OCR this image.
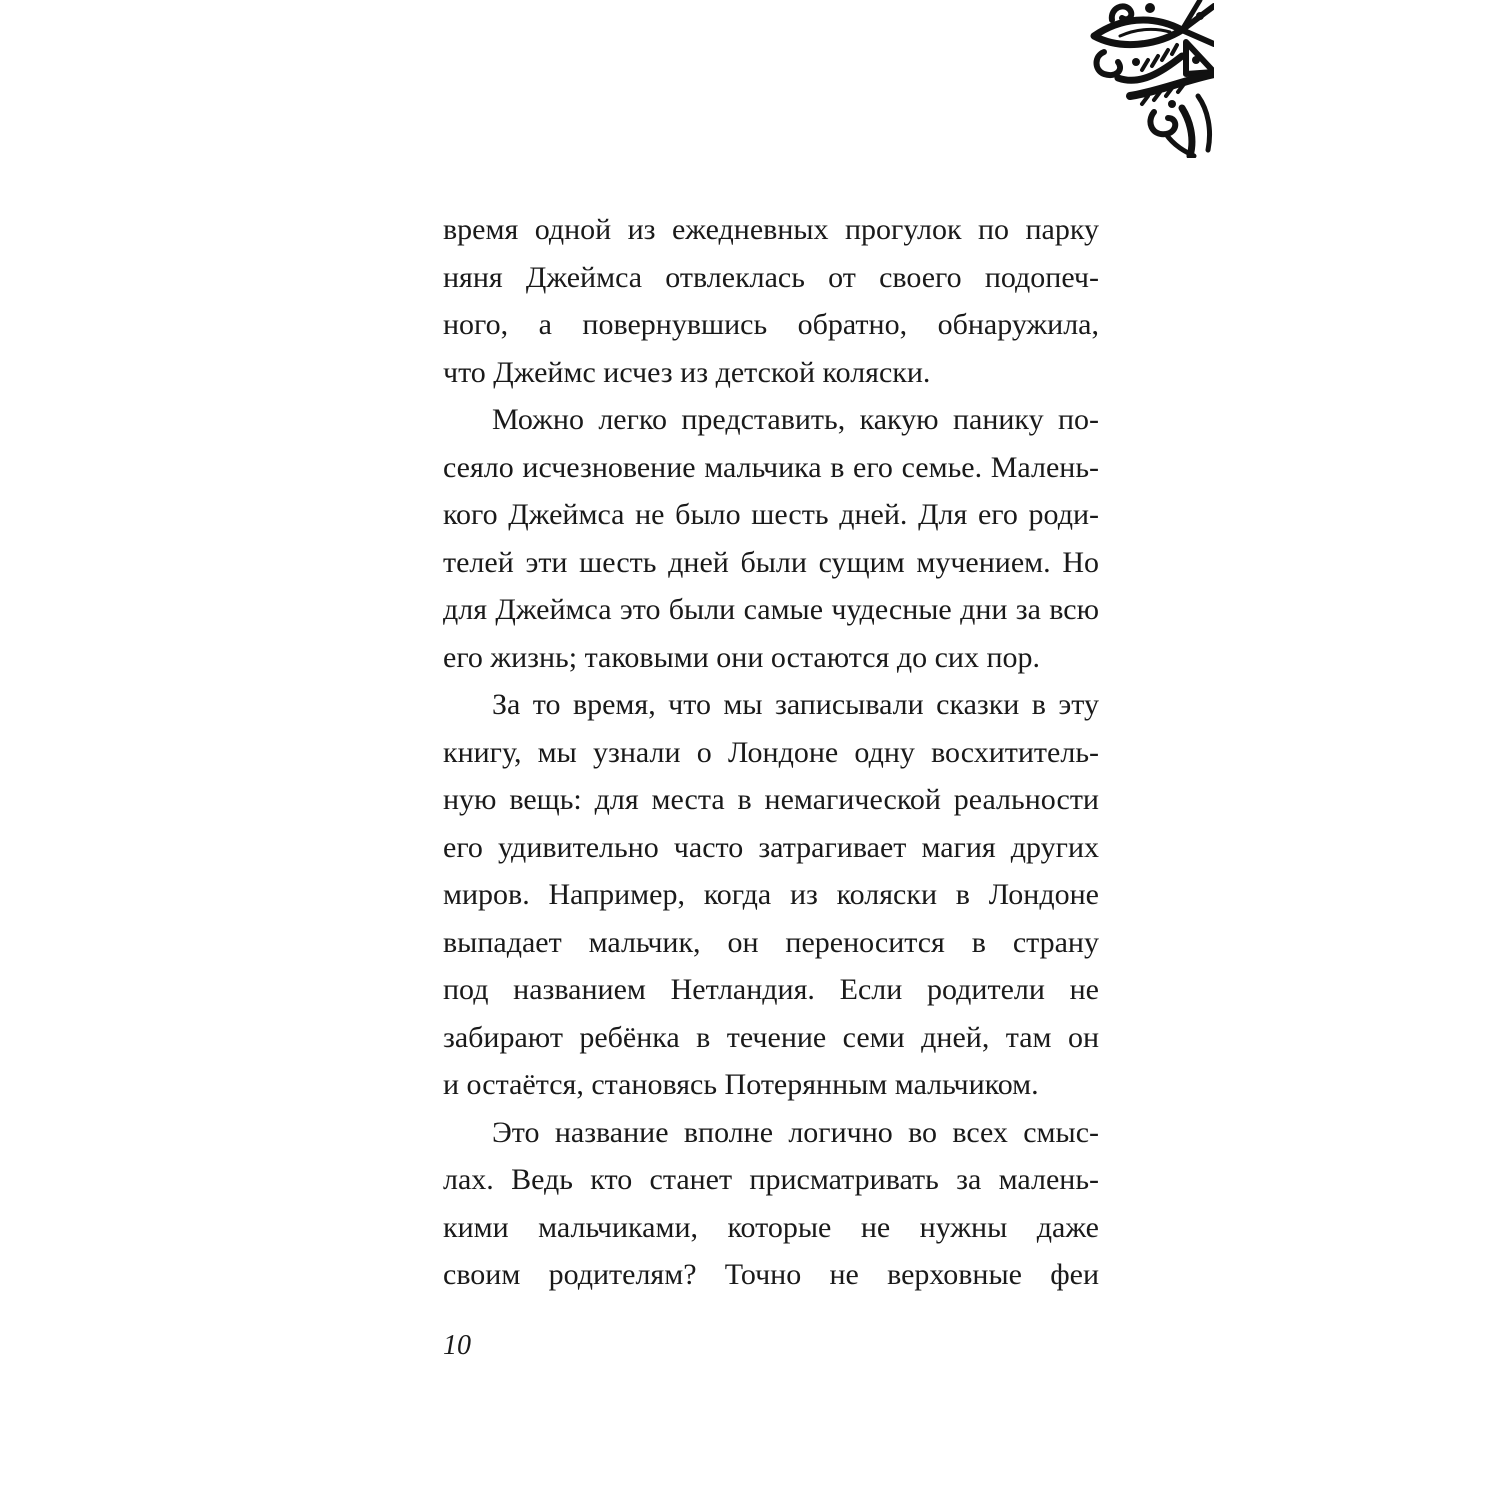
время одной из ежедневных прогулок по парку
няня Джеймса отвлеклась от своего подопеч-
ного, а повернувшись обратно, обнаружила,
что Джеймс исчез из детской коляски.
Можно легко представить, какую панику по-
сеяло исчезновение мальчика в его семье. Малень-
кого Джеймса не было шесть дней. Для его роди-
телей эти шесть дней были сущим мучением. Но
для Джеймса это были самые чудесные дни за всю
его жизнь; таковыми они остаются до сих пор.
За то время, что мы записывали сказки в эту
книгу, мы узнали о Лондоне одну восхититель-
ную вещь: для места в немагической реальности
его удивительно часто затрагивает магия других
миров. Например, когда из коляски в Лондоне
выпадает мальчик, он переносится в страну
под названием Нетландия. Если родители не
забирают ребёнка в течение семи дней, там он
и остаётся, становясь Потерянным мальчиком.
Это название вполне логично во всех смыс-
лах. Ведь кто станет присматривать за малень-
кими мальчиками, которые не нужны даже
своим родителям? Точно не верховные феи
10
